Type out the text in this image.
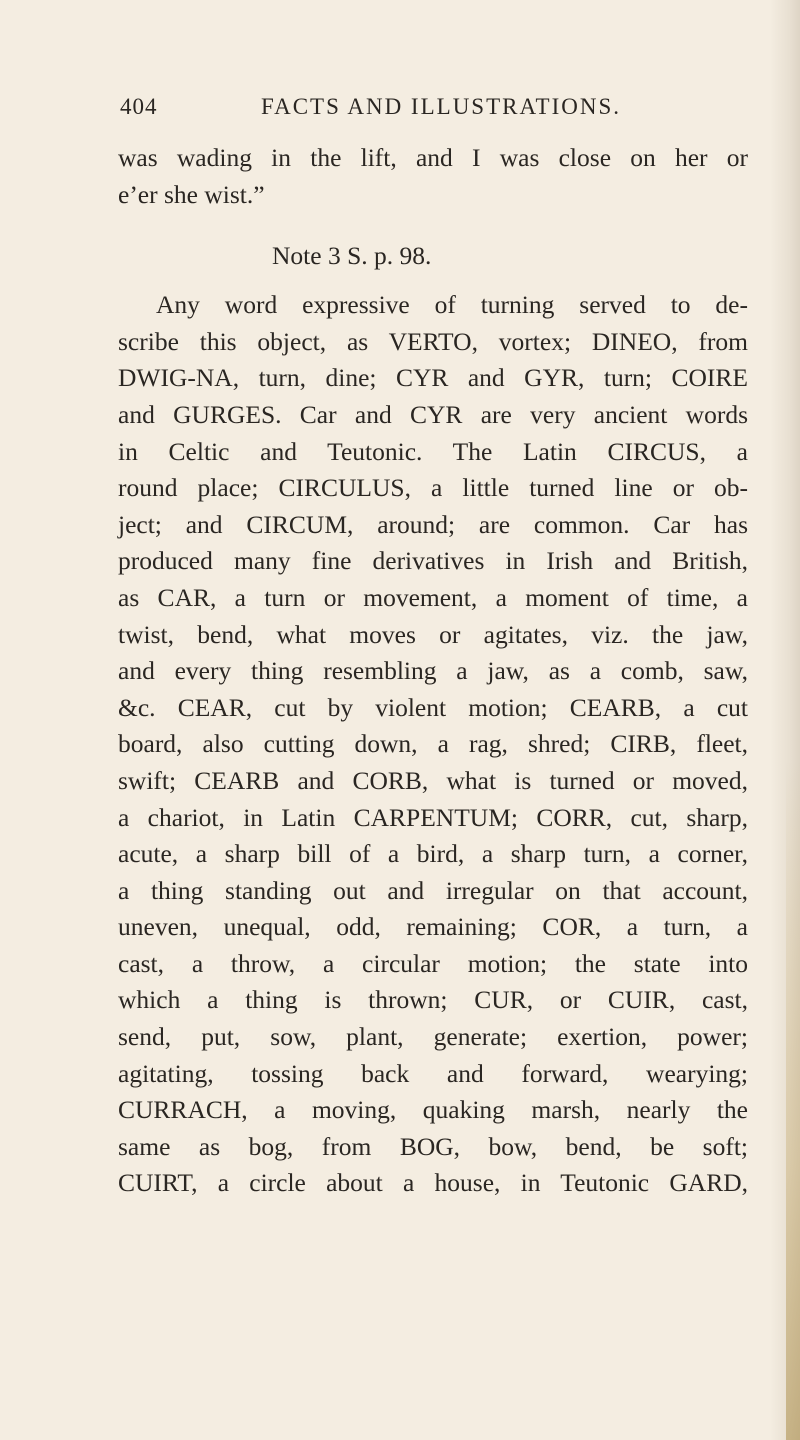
404	FACTS AND ILLUSTRATIONS.
was wading in the lift, and I was close on her or
e’er she wist.”
Note 3 S. p. 98.
Any word expressive of turning served to de-
scribe this object, as VERTO, vortex; DINEO, from
DWIG-NA, turn, dine; CYR and GYR, turn; COIRE
and GURGES. Car and CYR are very ancient words
in Celtic and Teutonic. The Latin CIRCUS, a
round place; CIRCULUS, a little turned line or ob-
ject; and CIRCUM, around; are common. Car has
produced many fine derivatives in Irish and British,
as CAR, a turn or movement, a moment of time, a
twist, bend, what moves or agitates, viz. the jaw,
and every thing resembling a jaw, as a comb, saw,
&c. CEAR, cut by violent motion; CEARB, a cut
board, also cutting down, a rag, shred; CIRB, fleet,
swift; CEARB and CORB, what is turned or moved,
a chariot, in Latin CARPENTUM; CORR, cut, sharp,
acute, a sharp bill of a bird, a sharp turn, a corner,
a thing standing out and irregular on that account,
uneven, unequal, odd, remaining; COR, a turn, a
cast, a throw, a circular motion; the state into
which a thing is thrown; CUR, or CUIR, cast,
send, put, sow, plant, generate; exertion, power;
agitating, tossing back and forward, wearying;
CURRACH, a moving, quaking marsh, nearly the
same as bog, from BOG, bow, bend, be soft;
CUIRT, a circle about a house, in Teutonic GARD,
